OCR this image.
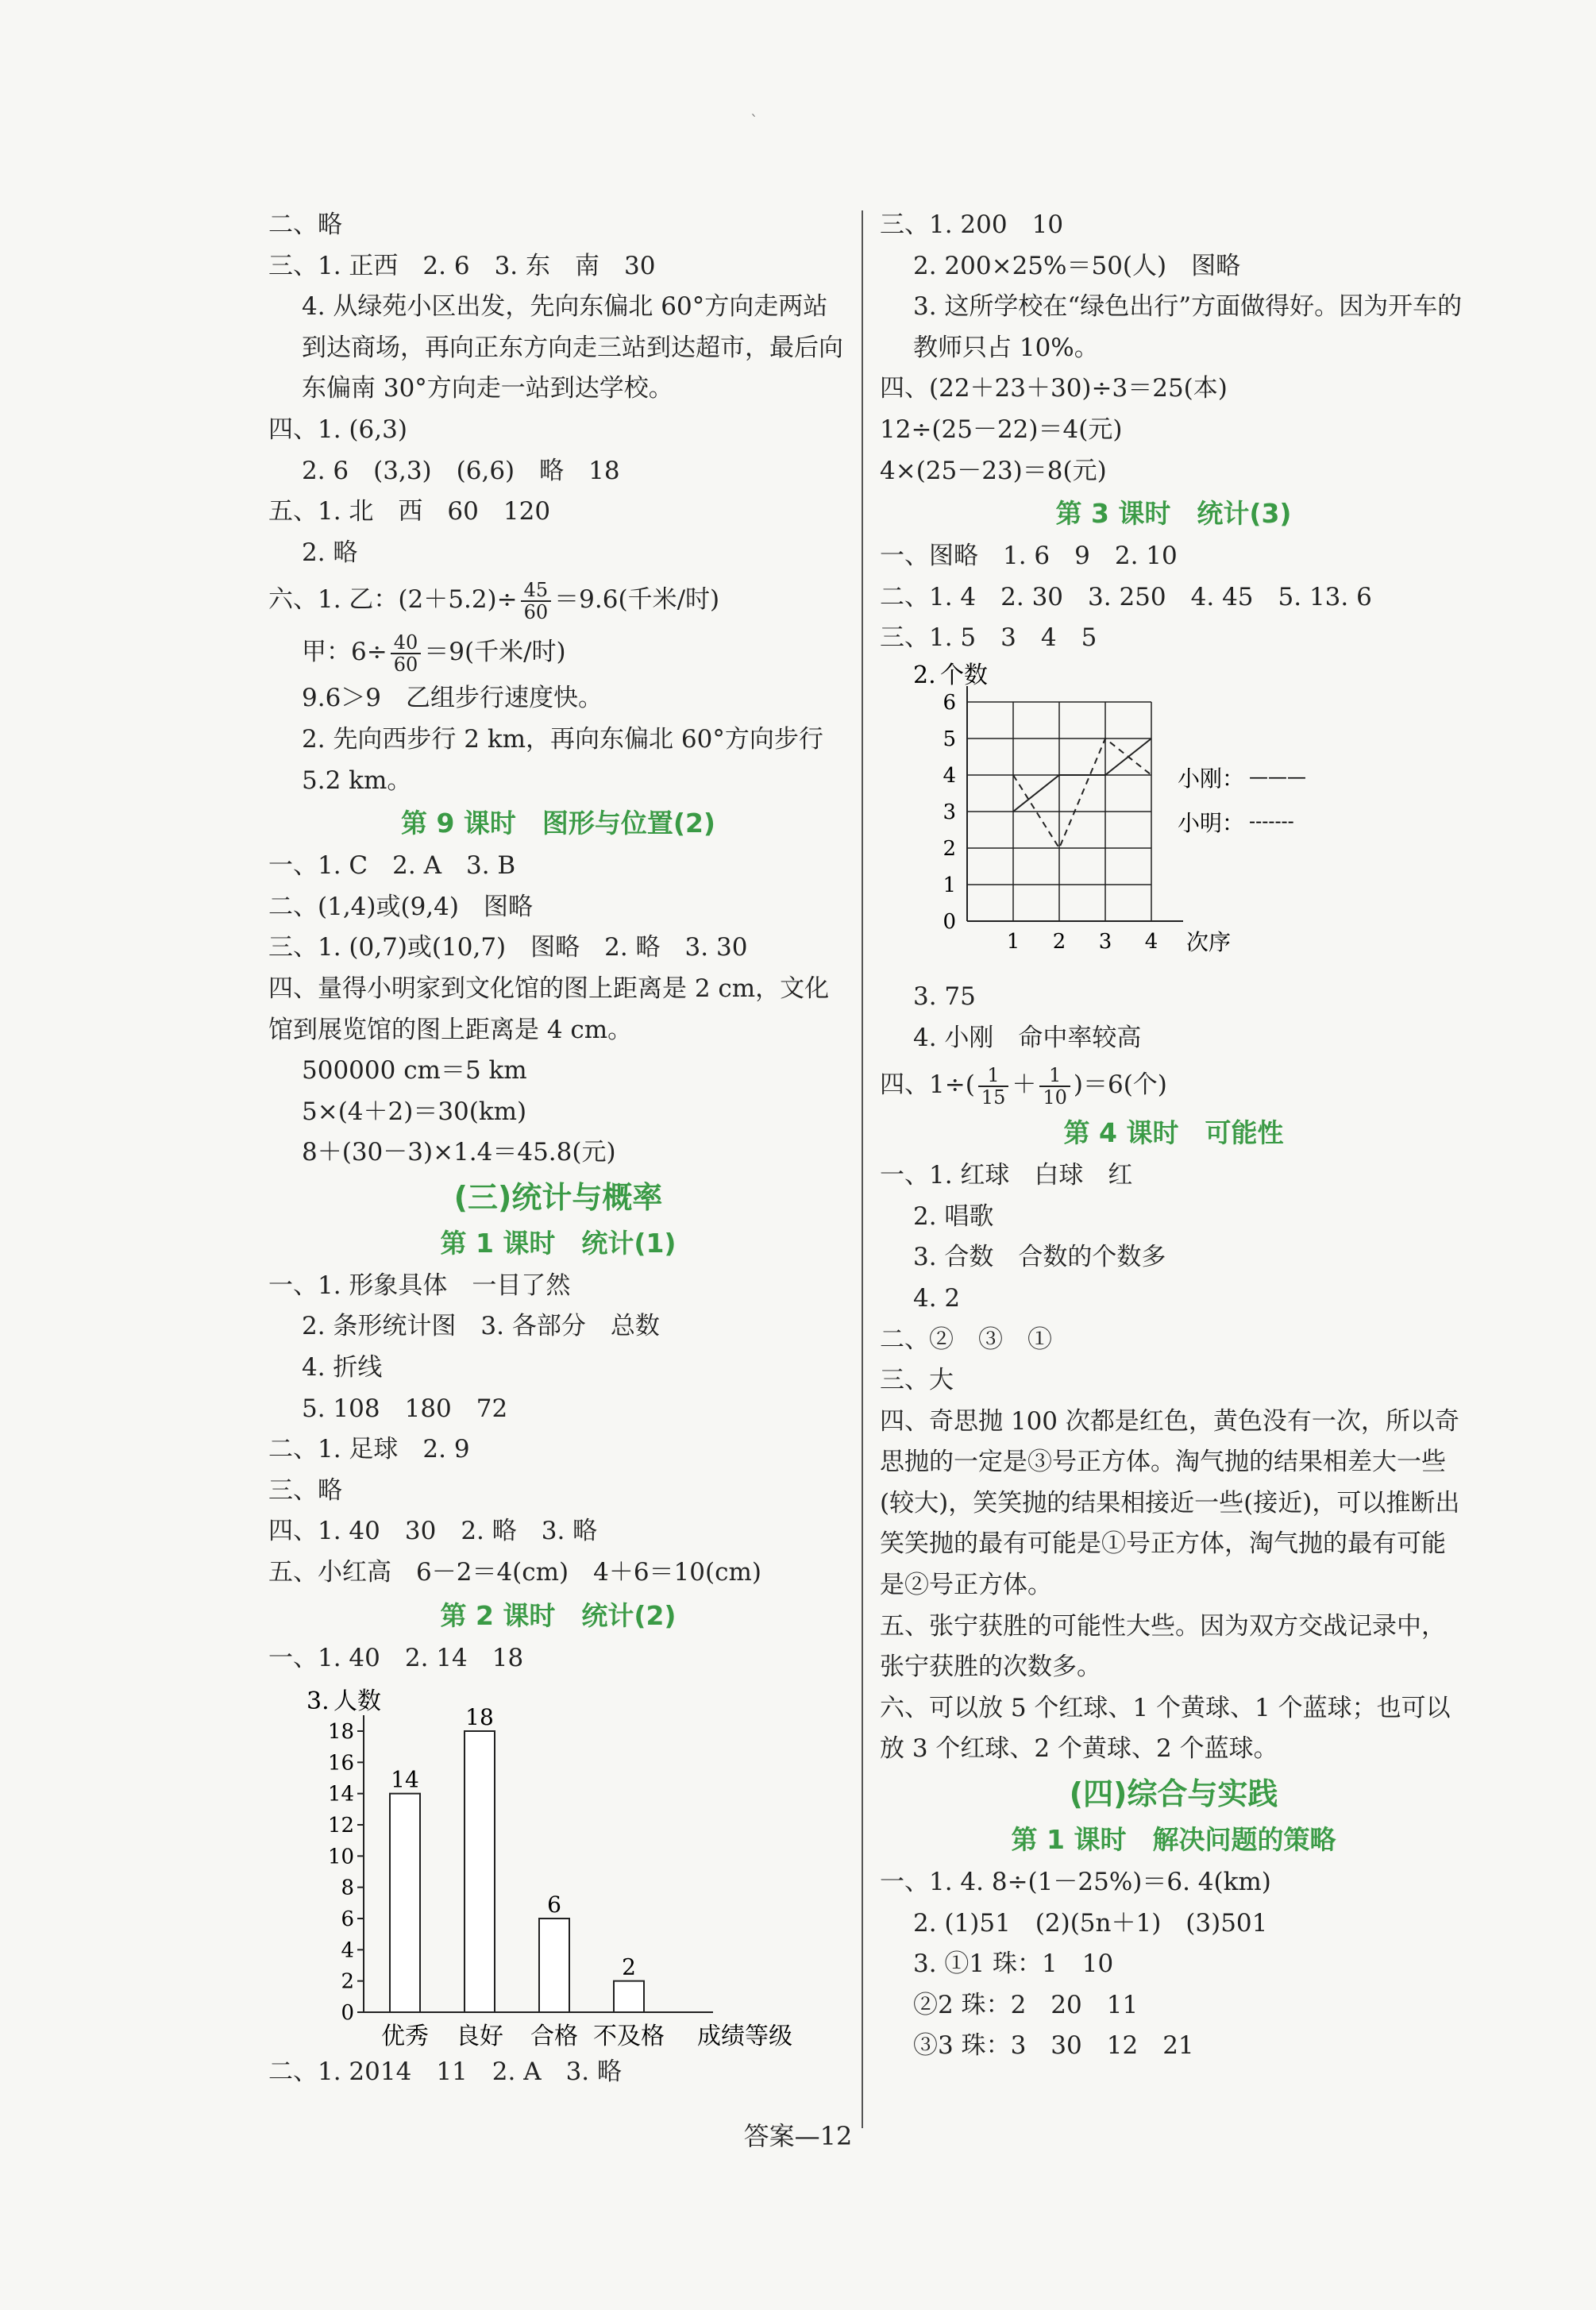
`
二、略
三、1. 正西　2. 6　3. 东　南　30
4. 从绿苑小区出发，先向东偏北 60°方向走两站到达商场，再向正东方向走三站到达超市，最后向东偏南 30°方向走一站到达学校。
四、1. (6,3)
2. 6　(3,3)　(6,6)　略　18
五、1. 北　西　60　120
2. 略
六、1. 乙：$(2+5.2)\div \frac{45}{60} =9.6$(千米/时)
甲：$6\div \frac{40}{60} =9$(千米/时)
9.6＞9　乙组步行速度快。
2. 先向西步行 2 km，再向东偏北 60°方向步行5.2 km。
第 9 课时　图形与位置(2)
一、1. C　2. A　3. B
二、(1,4)或(9,4)　图略
三、1. (0,7)或(10,7)　图略　2. 略　3. 30
四、量得小明家到文化馆的图上距离是 2 cm，文化馆到展览馆的图上距离是 4 cm。
500000 cm＝5 km
5×(4＋2)＝30(km)
8＋(30－3)×1.4＝45.8(元)
(三)统计与概率
第 1 课时　统计(1)
一、1. 形象具体　一目了然
2. 条形统计图　3. 各部分　总数
4. 折线
5. 108　180　72
二、1. 足球　2. 9
三、略
四、1. 40　30　2. 略　3. 略
五、小红高　6－2＝4(cm)　4＋6＝10(cm)
第 2 课时　统计(2)
一、1. 40　2. 14　18
3. 人数
0
2
4
6
8
10
12
14
16
18
14
优秀
18
良好
6
合格
2
不及格 成绩等级
二、1. 2014　11　2. A　3. 略
三、1. 200　10
2. 200×25%＝50(人)　图略
3. 这所学校在“绿色出行”方面做得好。因为开车的教师只占 10%。
四、(22＋23＋30)÷3＝25(本)
12÷(25－22)＝4(元)
4×(25－23)＝8(元)
第 3 课时　统计(3)
一、图略　1. 6　9　2. 10
二、1. 4　2. 30　3. 250　4. 45　5. 13. 6
三、1. 5　3　4　5
2. 个数
0
1
2
3
4
5
6
1 2 3 4 次序
小刚： ———
小明： -------
3. 75
4. 小刚　命中率较高
四、$1\div( \frac{1}{15} + \frac{1}{10} )=6$(个)
第 4 课时　可能性
一、1. 红球　白球　红
2. 唱歌
3. 合数　合数的个数多
4. 2
二、②　③　①
三、大
四、奇思抛 100 次都是红色，黄色没有一次，所以奇思抛的一定是③号正方体。淘气抛的结果相差大一些(较大)，笑笑抛的结果相接近一些(接近)，可以推断出笑笑抛的最有可能是①号正方体，淘气抛的最有可能是②号正方体。
五、张宁获胜的可能性大些。因为双方交战记录中，张宁获胜的次数多。
六、可以放 5 个红球、1 个黄球、1 个蓝球；也可以放 3 个红球、2 个黄球、2 个蓝球。
(四)综合与实践
第 1 课时　解决问题的策略
一、1. 4. 8÷(1－25%)＝6. 4(km)
2. (1)51　(2)(5n＋1)　(3)501
3. ①1 珠：1　10
②2 珠：2　20　11
③3 珠：3　30　12　21
答案—12
